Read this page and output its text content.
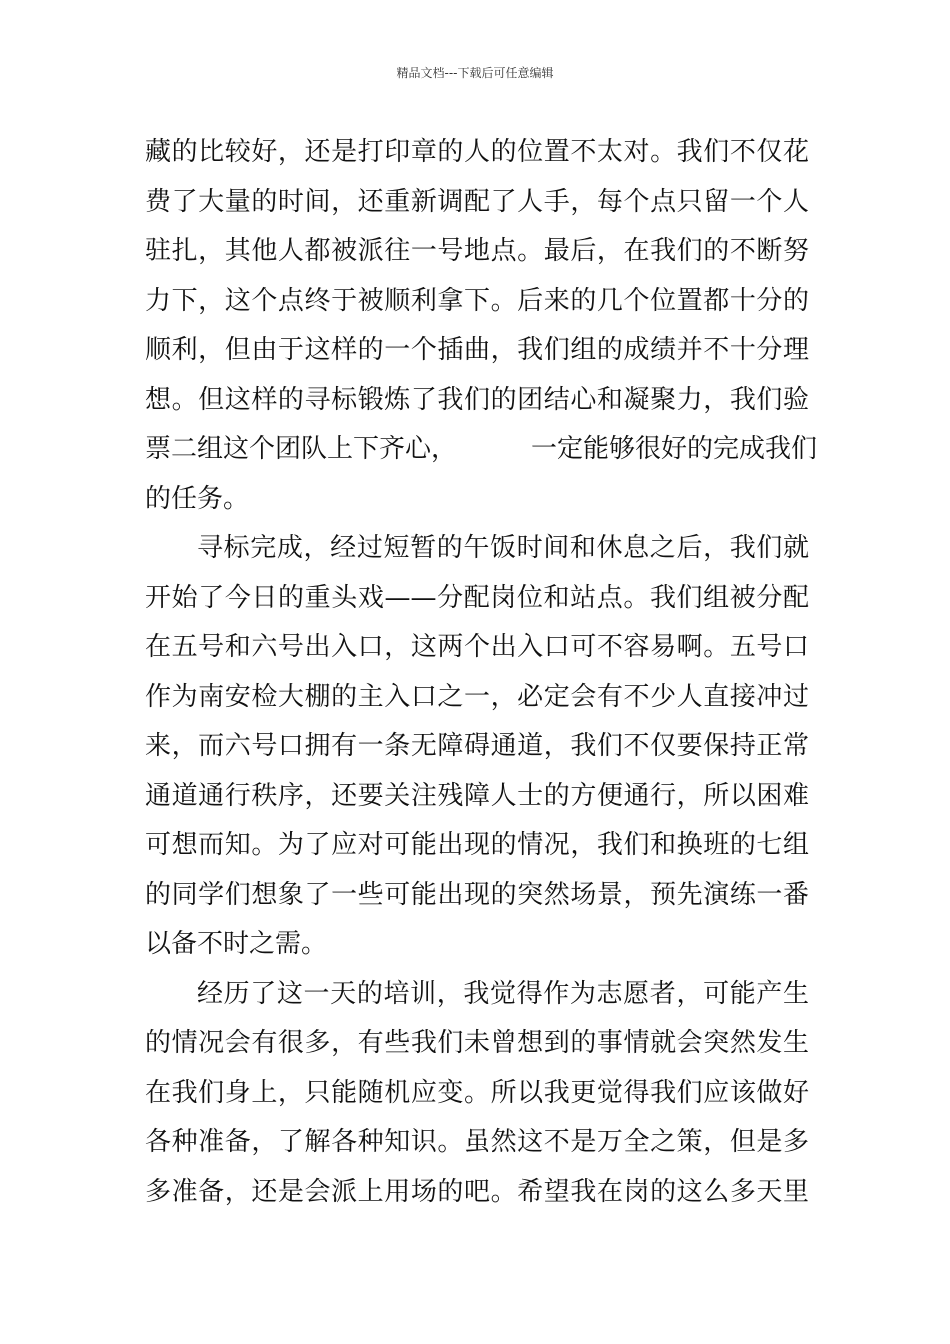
精品文档---下载后可任意编辑
藏的比较好，还是打印章的人的位置不太对。我们不仅花
费了大量的时间，还重新调配了人手，每个点只留一个人
驻扎，其他人都被派往一号地点。最后，在我们的不断努
力下，这个点终于被顺利拿下。后来的几个位置都十分的
顺利，但由于这样的一个插曲，我们组的成绩并不十分理
想。但这样的寻标锻炼了我们的团结心和凝聚力，我们验
票二组这个团队上下齐心，	一定能够很好的完成我们
的任务。
寻标完成，经过短暂的午饭时间和休息之后，我们就
开始了今日的重头戏——分配岗位和站点。我们组被分配
在五号和六号出入口，这两个出入口可不容易啊。五号口
作为南安检大棚的主入口之一，必定会有不少人直接冲过
来，而六号口拥有一条无障碍通道，我们不仅要保持正常
通道通行秩序，还要关注残障人士的方便通行，所以困难
可想而知。为了应对可能出现的情况，我们和换班的七组
的同学们想象了一些可能出现的突然场景，预先演练一番
以备不时之需。
经历了这一天的培训，我觉得作为志愿者，可能产生
的情况会有很多，有些我们未曾想到的事情就会突然发生
在我们身上，只能随机应变。所以我更觉得我们应该做好
各种准备，了解各种知识。虽然这不是万全之策，但是多
多准备，还是会派上用场的吧。希望我在岗的这么多天里
